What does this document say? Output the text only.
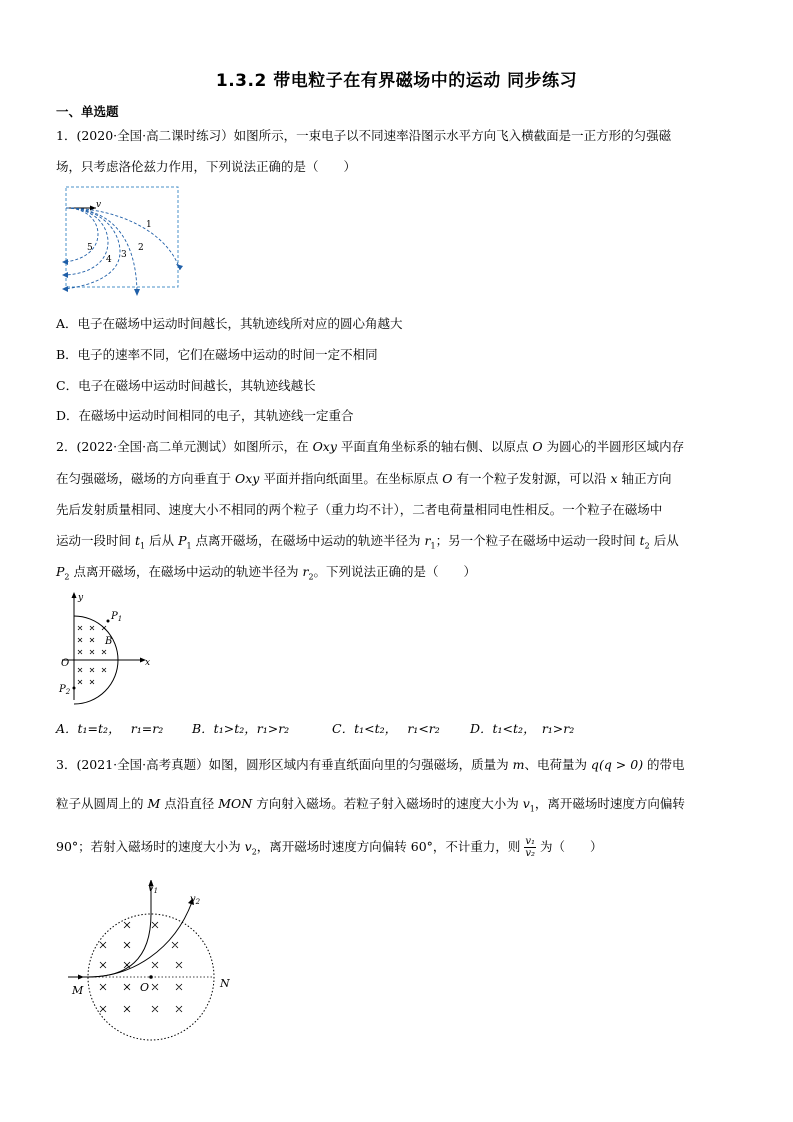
1.3.2 带电粒子在有界磁场中的运动 同步练习
一、单选题
1．(2020·全国·高二课时练习）如图所示，一束电子以不同速率沿图示水平方向飞入横截面是一正方形的匀强磁
场，只考虑洛伦兹力作用，下列说法正确的是（　　）
v
1
2
3
4
5
A．电子在磁场中运动时间越长，其轨迹线所对应的圆心角越大
B．电子的速率不同，它们在磁场中运动的时间一定不相同
C．电子在磁场中运动时间越长，其轨迹线越长
D．在磁场中运动时间相同的电子，其轨迹线一定重合
2．(2022·全国·高二单元测试）如图所示，在 Oxy 平面直角坐标系的轴右侧、以原点 O 为圆心的半圆形区域内存
在匀强磁场，磁场的方向垂直于 Oxy 平面并指向纸面里。在坐标原点 O 有一个粒子发射源，可以沿 x 轴正方向
先后发射质量相同、速度大小不相同的两个粒子（重力均不计），二者电荷量相同电性相反。一个粒子在磁场中
运动一段时间 $t_1$ 后从 $P_1$ 点离开磁场，在磁场中运动的轨迹半径为 $r_1$；另一个粒子在磁场中运动一段时间 $t_2$ 后从
$P_2$ 点离开磁场，在磁场中运动的轨迹半径为 $r_2$。下列说法正确的是（　　）
y
x
O
B
$P_1$
$P_2$
A．t₁=t₂，　 r₁=r₂ B．t₁>t₂，r₁>r₂	C．t₁<t₂，　 r₁<r₂ D．t₁<t₂，　r₁>r₂
3．(2021·全国·高考真题）如图，圆形区域内有垂直纸面向里的匀强磁场，质量为 m、电荷量为 q(q > 0) 的带电
粒子从圆周上的 M 点沿直径 MON 方向射入磁场。若粒子射入磁场时的速度大小为 $v_1$，离开磁场时速度方向偏转
90°；若射入磁场时的速度大小为 $v_2$，离开磁场时速度方向偏转 60°，不计重力，则 $\frac{\text{v₁}}{\text{v₂}}$ 为（　　）
M	O	N
$v_1$
$v_2$
